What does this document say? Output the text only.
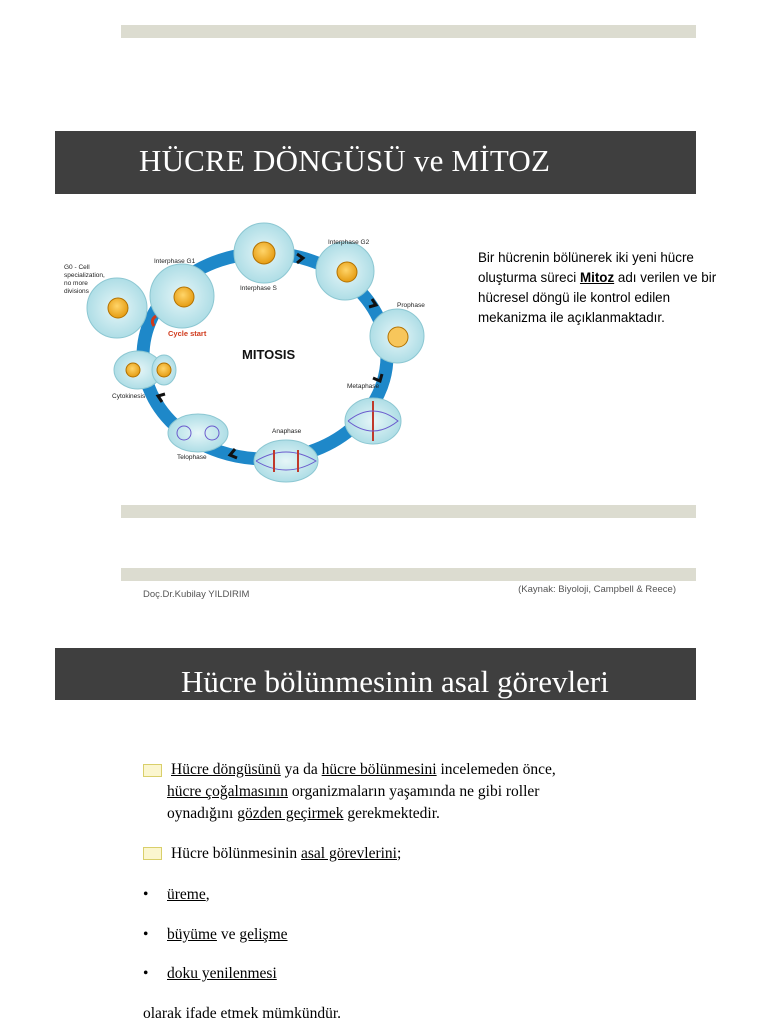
HÜCRE DÖNGÜSÜ ve MİTOZ
G0 - Cell specialization, no more divisions
Interphase G1
Interphase S
Interphase G2
Prophase
Metaphase
Anaphase
Telophase
Cytokinesis
Cycle start
MITOSIS
Bir hücrenin bölünerek iki yeni hücre oluşturma süreci Mitoz adı verilen ve bir hücresel döngü ile kontrol edilen mekanizma ile açıklanmaktadır.
Doç.Dr.Kubilay YILDIRIM	(Kaynak: Biyoloji, Campbell & Reece)
Hücre bölünmesinin asal görevleri
Hücre döngüsünü ya da hücre bölünmesini incelemeden önce,
hücre çoğalmasının organizmaların yaşamında ne gibi roller
oynadığını gözden geçirmek gerekmektedir.
Hücre bölünmesinin asal görevlerini;
• üreme,
• büyüme ve gelişme
• doku yenilenmesi
olarak ifade etmek mümkündür.
